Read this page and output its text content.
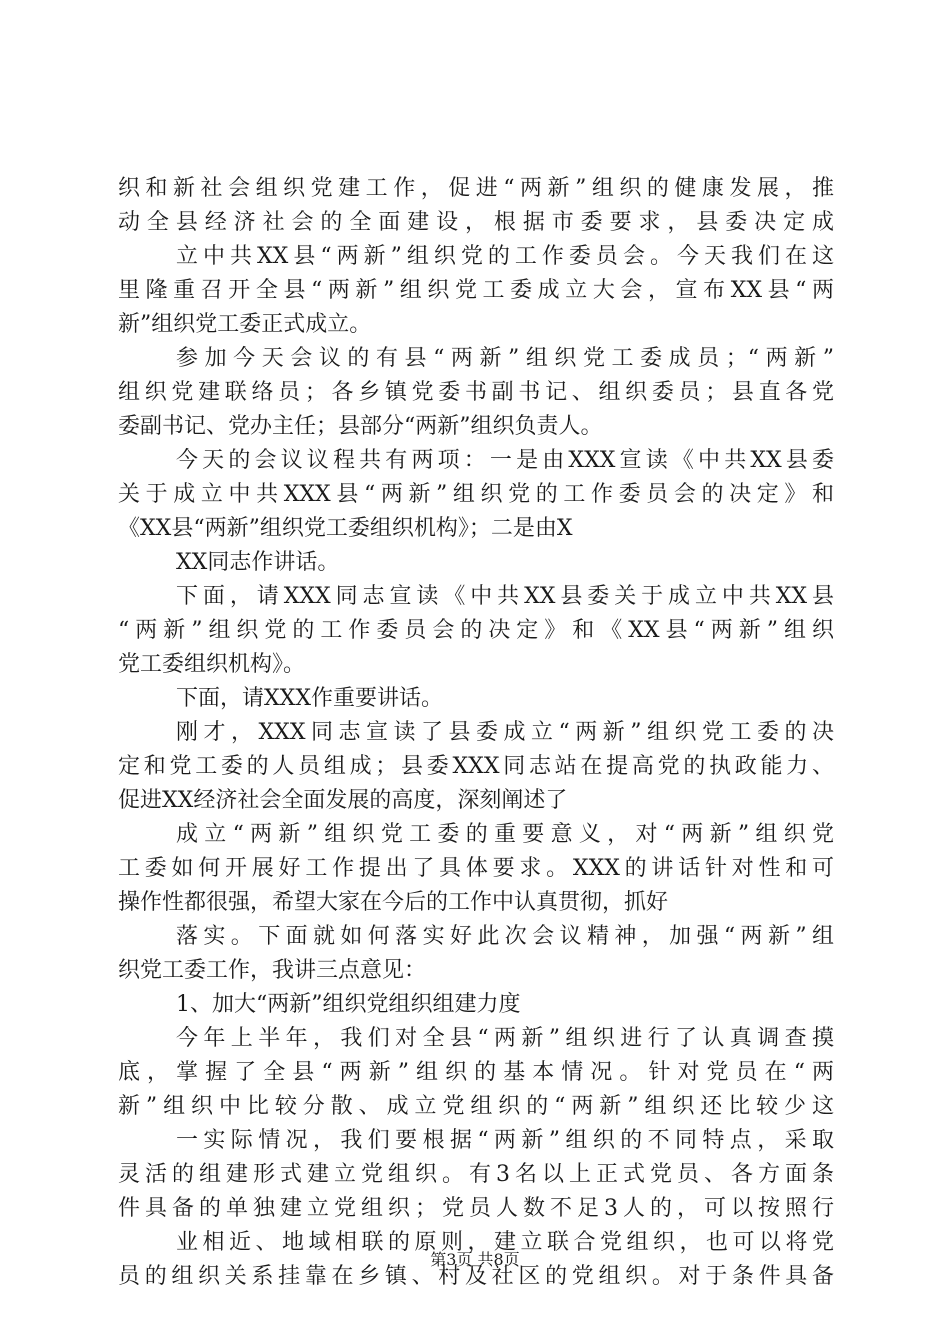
织和新社会组织党建工作，促进“两新”组织的健康发展，推
动全县经济社会的全面建设，根据市委要求，县委决定成
立中共XX县“两新”组织党的工作委员会。今天我们在这
里隆重召开全县“两新”组织党工委成立大会，宣布XX县“两
新”组织党工委正式成立。
参加今天会议的有县“两新”组织党工委成员；“两新”
组织党建联络员；各乡镇党委书副书记、组织委员；县直各党
委副书记、党办主任；县部分“两新”组织负责人。
今天的会议议程共有两项：一是由XXX宣读《中共XX县委
关于成立中共XXX县“两新”组织党的工作委员会的决定》和
《XX县“两新”组织党工委组织机构》；二是由X
XX同志作讲话。
下面，请XXX同志宣读《中共XX县委关于成立中共XX县
“两新”组织党的工作委员会的决定》和《XX县“两新”组织
党工委组织机构》。
下面，请XXX作重要讲话。
刚才，XXX同志宣读了县委成立“两新”组织党工委的决
定和党工委的人员组成；县委XXX同志站在提高党的执政能力、
促进XX经济社会全面发展的高度，深刻阐述了
成立“两新”组织党工委的重要意义，对“两新”组织党
工委如何开展好工作提出了具体要求。XXX的讲话针对性和可
操作性都很强，希望大家在今后的工作中认真贯彻，抓好
落实。下面就如何落实好此次会议精神，加强“两新”组
织党工委工作，我讲三点意见：
1、加大“两新”组织党组织组建力度
今年上半年，我们对全县“两新”组织进行了认真调查摸
底，掌握了全县“两新”组织的基本情况。针对党员在“两
新”组织中比较分散、成立党组织的“两新”组织还比较少这
一实际情况，我们要根据“两新”组织的不同特点，采取
灵活的组建形式建立党组织。有3名以上正式党员、各方面条
件具备的单独建立党组织；党员人数不足3人的，可以按照行
业相近、地域相联的原则，建立联合党组织，也可以将党
员的组织关系挂靠在乡镇、村及社区的党组织。对于条件具备
第3页 共8页
